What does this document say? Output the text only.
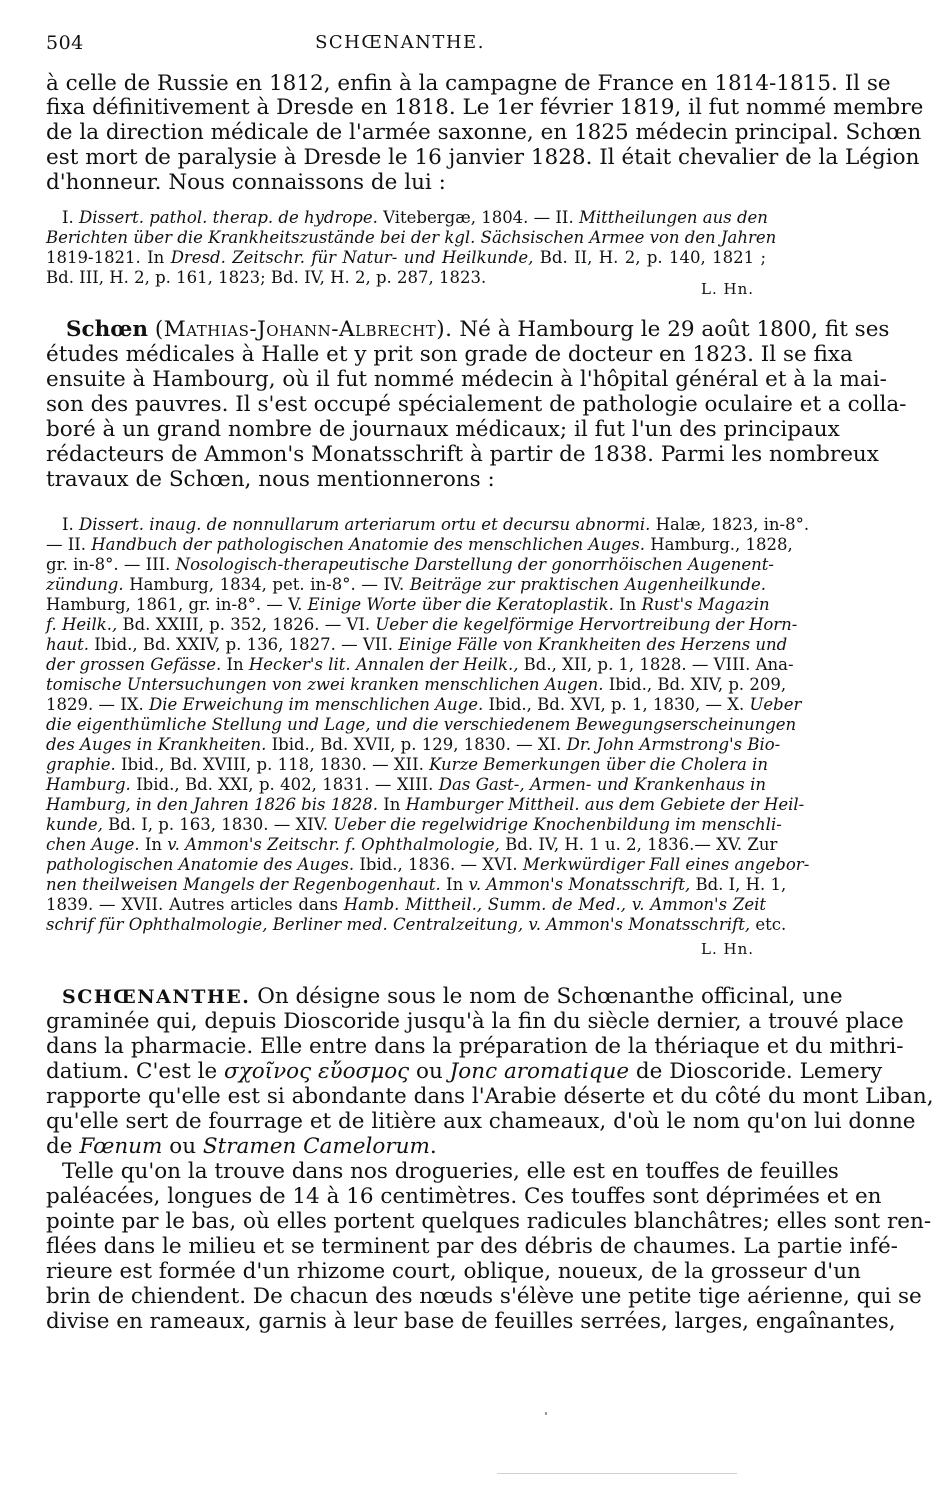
504	SCHŒNANTHE.
à celle de Russie en 1812, enfin à la campagne de France en 1814-1815. Il se
fixa définitivement à Dresde en 1818. Le 1er février 1819, il fut nommé membre
de la direction médicale de l'armée saxonne, en 1825 médecin principal. Schœn
est mort de paralysie à Dresde le 16 janvier 1828. Il était chevalier de la Légion
d'honneur. Nous connaissons de lui :
I. Dissert. pathol. therap. de hydrope. Vitebergæ, 1804. — II. Mittheilungen aus den
Berichten über die Krankheitszustände bei der kgl. Sächsischen Armee von den Jahren
1819-1821. In Dresd. Zeitschr. für Natur- und Heilkunde, Bd. II, H. 2, p. 140, 1821 ;
Bd. III, H. 2, p. 161, 1823; Bd. IV, H. 2, p. 287, 1823.
L. Hn.
Schœn (Mathias-Johann-Albrecht). Né à Hambourg le 29 août 1800, fit ses
études médicales à Halle et y prit son grade de docteur en 1823. Il se fixa
ensuite à Hambourg, où il fut nommé médecin à l'hôpital général et à la mai-
son des pauvres. Il s'est occupé spécialement de pathologie oculaire et a colla-
boré à un grand nombre de journaux médicaux; il fut l'un des principaux
rédacteurs de Ammon's Monatsschrift à partir de 1838. Parmi les nombreux
travaux de Schœn, nous mentionnerons :
I. Dissert. inaug. de nonnullarum arteriarum ortu et decursu abnormi. Halæ, 1823, in-8°.
— II. Handbuch der pathologischen Anatomie des menschlichen Auges. Hamburg., 1828,
gr. in-8°. — III. Nosologisch-therapeutische Darstellung der gonorrhöischen Augenent-
zündung. Hamburg, 1834, pet. in-8°. — IV. Beiträge zur praktischen Augenheilkunde.
Hamburg, 1861, gr. in-8°. — V. Einige Worte über die Keratoplastik. In Rust's Magazin
f. Heilk., Bd. XXIII, p. 352, 1826. — VI. Ueber die kegelförmige Hervortreibung der Horn-
haut. Ibid., Bd. XXIV, p. 136, 1827. — VII. Einige Fälle von Krankheiten des Herzens und
der grossen Gefässe. In Hecker's lit. Annalen der Heilk., Bd., XII, p. 1, 1828. — VIII. Ana-
tomische Untersuchungen von zwei kranken menschlichen Augen. Ibid., Bd. XIV, p. 209,
1829. — IX. Die Erweichung im menschlichen Auge. Ibid., Bd. XVI, p. 1, 1830, — X. Ueber
die eigenthümliche Stellung und Lage, und die verschiedenem Bewegungserscheinungen
des Auges in Krankheiten. Ibid., Bd. XVII, p. 129, 1830. — XI. Dr. John Armstrong's Bio-
graphie. Ibid., Bd. XVIII, p. 118, 1830. — XII. Kurze Bemerkungen über die Cholera in
Hamburg. Ibid., Bd. XXI, p. 402, 1831. — XIII. Das Gast-, Armen- und Krankenhaus in
Hamburg, in den Jahren 1826 bis 1828. In Hamburger Mittheil. aus dem Gebiete der Heil-
kunde, Bd. I, p. 163, 1830. — XIV. Ueber die regelwidrige Knochenbildung im menschli-
chen Auge. In v. Ammon's Zeitschr. f. Ophthalmologie, Bd. IV, H. 1 u. 2, 1836.— XV. Zur
pathologischen Anatomie des Auges. Ibid., 1836. — XVI. Merkwürdiger Fall eines angebor-
nen theilweisen Mangels der Regenbogenhaut. In v. Ammon's Monatsschrift, Bd. I, H. 1,
1839. — XVII. Autres articles dans Hamb. Mittheil., Summ. de Med., v. Ammon's Zeit
schrif für Ophthalmologie, Berliner med. Centralzeitung, v. Ammon's Monatsschrift, etc.
L. Hn.
SCHŒNANTHE. On désigne sous le nom de Schœnanthe officinal, une
graminée qui, depuis Dioscoride jusqu'à la fin du siècle dernier, a trouvé place
dans la pharmacie. Elle entre dans la préparation de la thériaque et du mithri-
datium. C'est le σχοῖνος εὔοσμος ou Jonc aromatique de Dioscoride. Lemery
rapporte qu'elle est si abondante dans l'Arabie déserte et du côté du mont Liban,
qu'elle sert de fourrage et de litière aux chameaux, d'où le nom qu'on lui donne
de Fœnum ou Stramen Camelorum.
Telle qu'on la trouve dans nos drogueries, elle est en touffes de feuilles
paléacées, longues de 14 à 16 centimètres. Ces touffes sont déprimées et en
pointe par le bas, où elles portent quelques radicules blanchâtres; elles sont ren-
flées dans le milieu et se terminent par des débris de chaumes. La partie infé-
rieure est formée d'un rhizome court, oblique, noueux, de la grosseur d'un
brin de chiendent. De chacun des nœuds s'élève une petite tige aérienne, qui se
divise en rameaux, garnis à leur base de feuilles serrées, larges, engaînantes,
